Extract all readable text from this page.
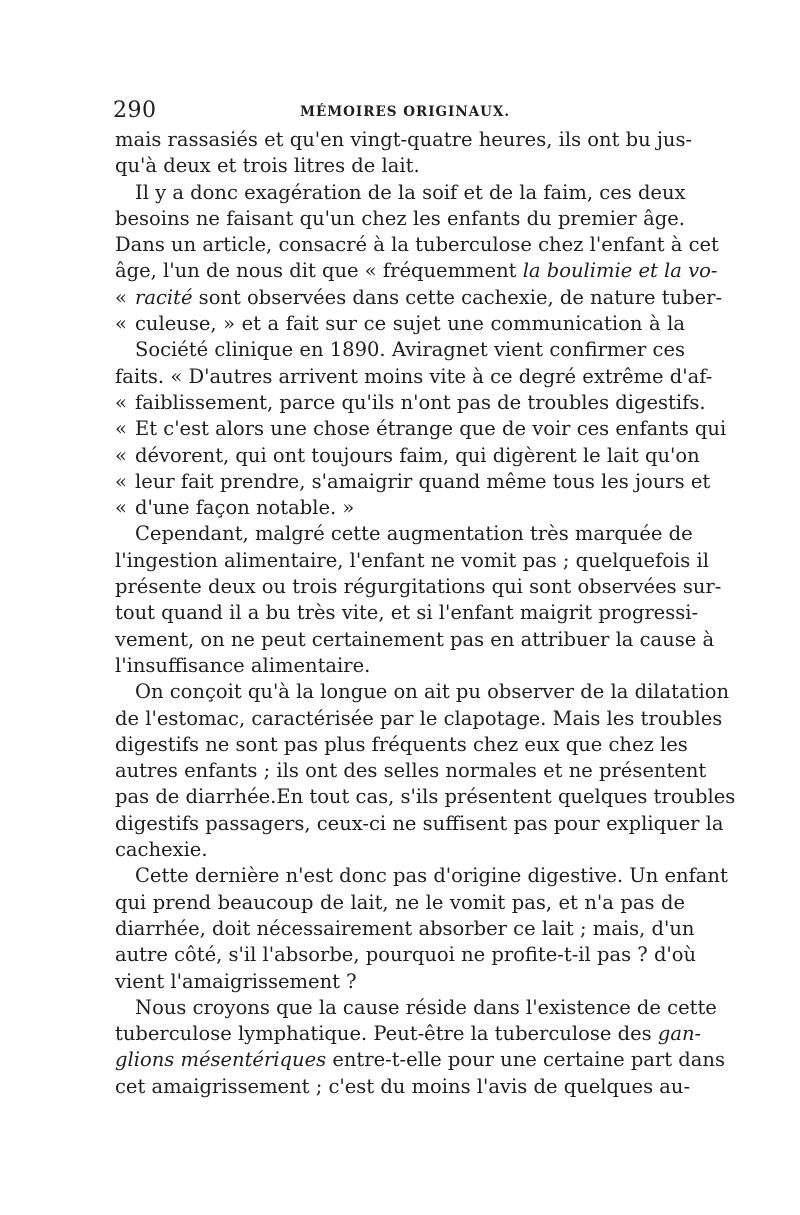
290	MÉMOIRES ORIGINAUX.
mais rassasiés et qu'en vingt-quatre heures, ils ont bu jus-
qu'à deux et trois litres de lait.
Il y a donc exagération de la soif et de la faim, ces deux
besoins ne faisant qu'un chez les enfants du premier âge.
Dans un article, consacré à la tuberculose chez l'enfant à cet
âge, l'un de nous dit que « fréquemment la boulimie et la vo-
« racité sont observées dans cette cachexie, de nature tuber-
« culeuse, » et a fait sur ce sujet une communication à la
Société clinique en 1890. Aviragnet vient confirmer ces
faits. « D'autres arrivent moins vite à ce degré extrême d'af-
« faiblissement, parce qu'ils n'ont pas de troubles digestifs.
« Et c'est alors une chose étrange que de voir ces enfants qui
« dévorent, qui ont toujours faim, qui digèrent le lait qu'on
« leur fait prendre, s'amaigrir quand même tous les jours et
« d'une façon notable. »
Cependant, malgré cette augmentation très marquée de
l'ingestion alimentaire, l'enfant ne vomit pas ; quelquefois il
présente deux ou trois régurgitations qui sont observées sur-
tout quand il a bu très vite, et si l'enfant maigrit progressi-
vement, on ne peut certainement pas en attribuer la cause à
l'insuffisance alimentaire.
On conçoit qu'à la longue on ait pu observer de la dilatation
de l'estomac, caractérisée par le clapotage. Mais les troubles
digestifs ne sont pas plus fréquents chez eux que chez les
autres enfants ; ils ont des selles normales et ne présentent
pas de diarrhée.En tout cas, s'ils présentent quelques troubles
digestifs passagers, ceux-ci ne suffisent pas pour expliquer la
cachexie.
Cette dernière n'est donc pas d'origine digestive. Un enfant
qui prend beaucoup de lait, ne le vomit pas, et n'a pas de
diarrhée, doit nécessairement absorber ce lait ; mais, d'un
autre côté, s'il l'absorbe, pourquoi ne profite-t-il pas ? d'où
vient l'amaigrissement ?
Nous croyons que la cause réside dans l'existence de cette
tuberculose lymphatique. Peut-être la tuberculose des gan-
glions mésentériques entre-t-elle pour une certaine part dans
cet amaigrissement ; c'est du moins l'avis de quelques au-
